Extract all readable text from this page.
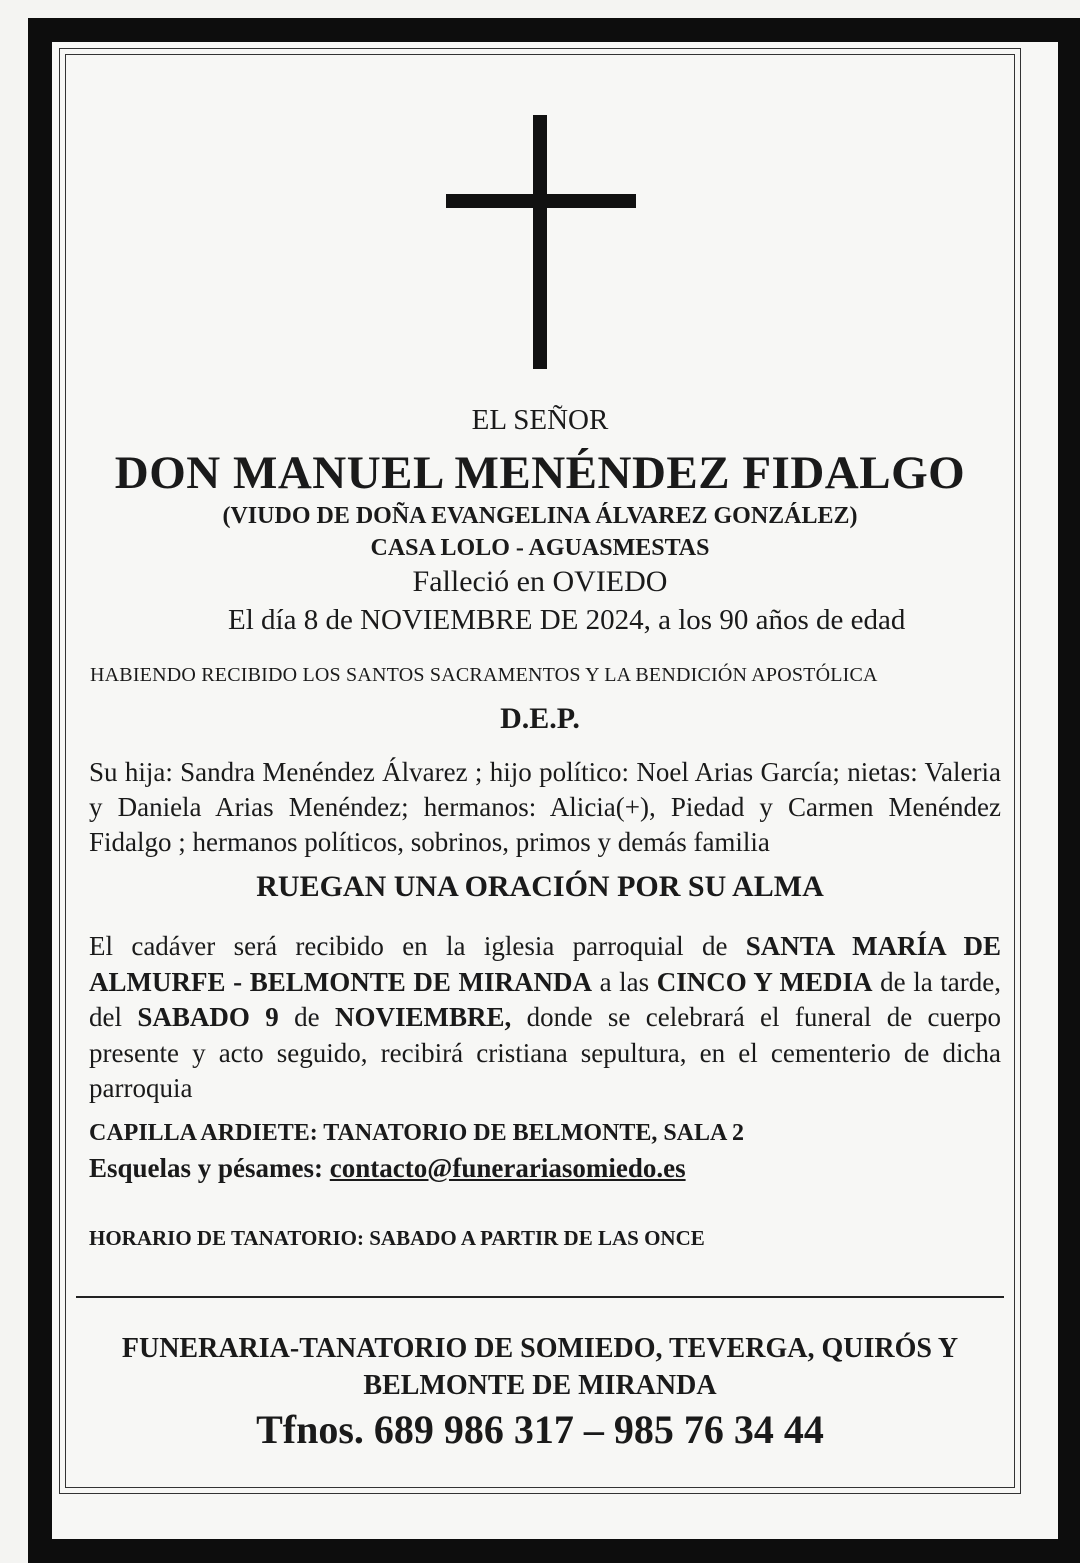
EL SEÑOR
DON MANUEL MENÉNDEZ FIDALGO
(VIUDO DE DOÑA EVANGELINA ÁLVAREZ GONZÁLEZ)
CASA LOLO - AGUASMESTAS
Falleció en OVIEDO
El día 8 de NOVIEMBRE DE 2024, a los 90 años de edad
HABIENDO RECIBIDO LOS SANTOS SACRAMENTOS Y LA BENDICIÓN APOSTÓLICA
D.E.P.
Su hija: Sandra Menéndez Álvarez ; hijo político: Noel Arias García; nietas: Valeria y Daniela Arias Menéndez; hermanos: Alicia(+), Piedad y Carmen Menéndez Fidalgo ; hermanos políticos, sobrinos, primos y demás familia
RUEGAN UNA ORACIÓN POR SU ALMA
El cadáver será recibido en la iglesia parroquial de SANTA MARÍA DE ALMURFE - BELMONTE DE MIRANDA a las CINCO Y MEDIA de la tarde, del SABADO 9 de NOVIEMBRE, donde se celebrará el funeral de cuerpo presente y acto seguido, recibirá cristiana sepultura, en el cementerio de dicha parroquia
CAPILLA ARDIETE: TANATORIO DE BELMONTE, SALA 2
Esquelas y pésames: contacto@funerariasomiedo.es
HORARIO DE TANATORIO: SABADO A PARTIR DE LAS ONCE
FUNERARIA-TANATORIO DE SOMIEDO, TEVERGA, QUIRÓS Y
BELMONTE DE MIRANDA
Tfnos. 689 986 317 – 985 76 34 44
